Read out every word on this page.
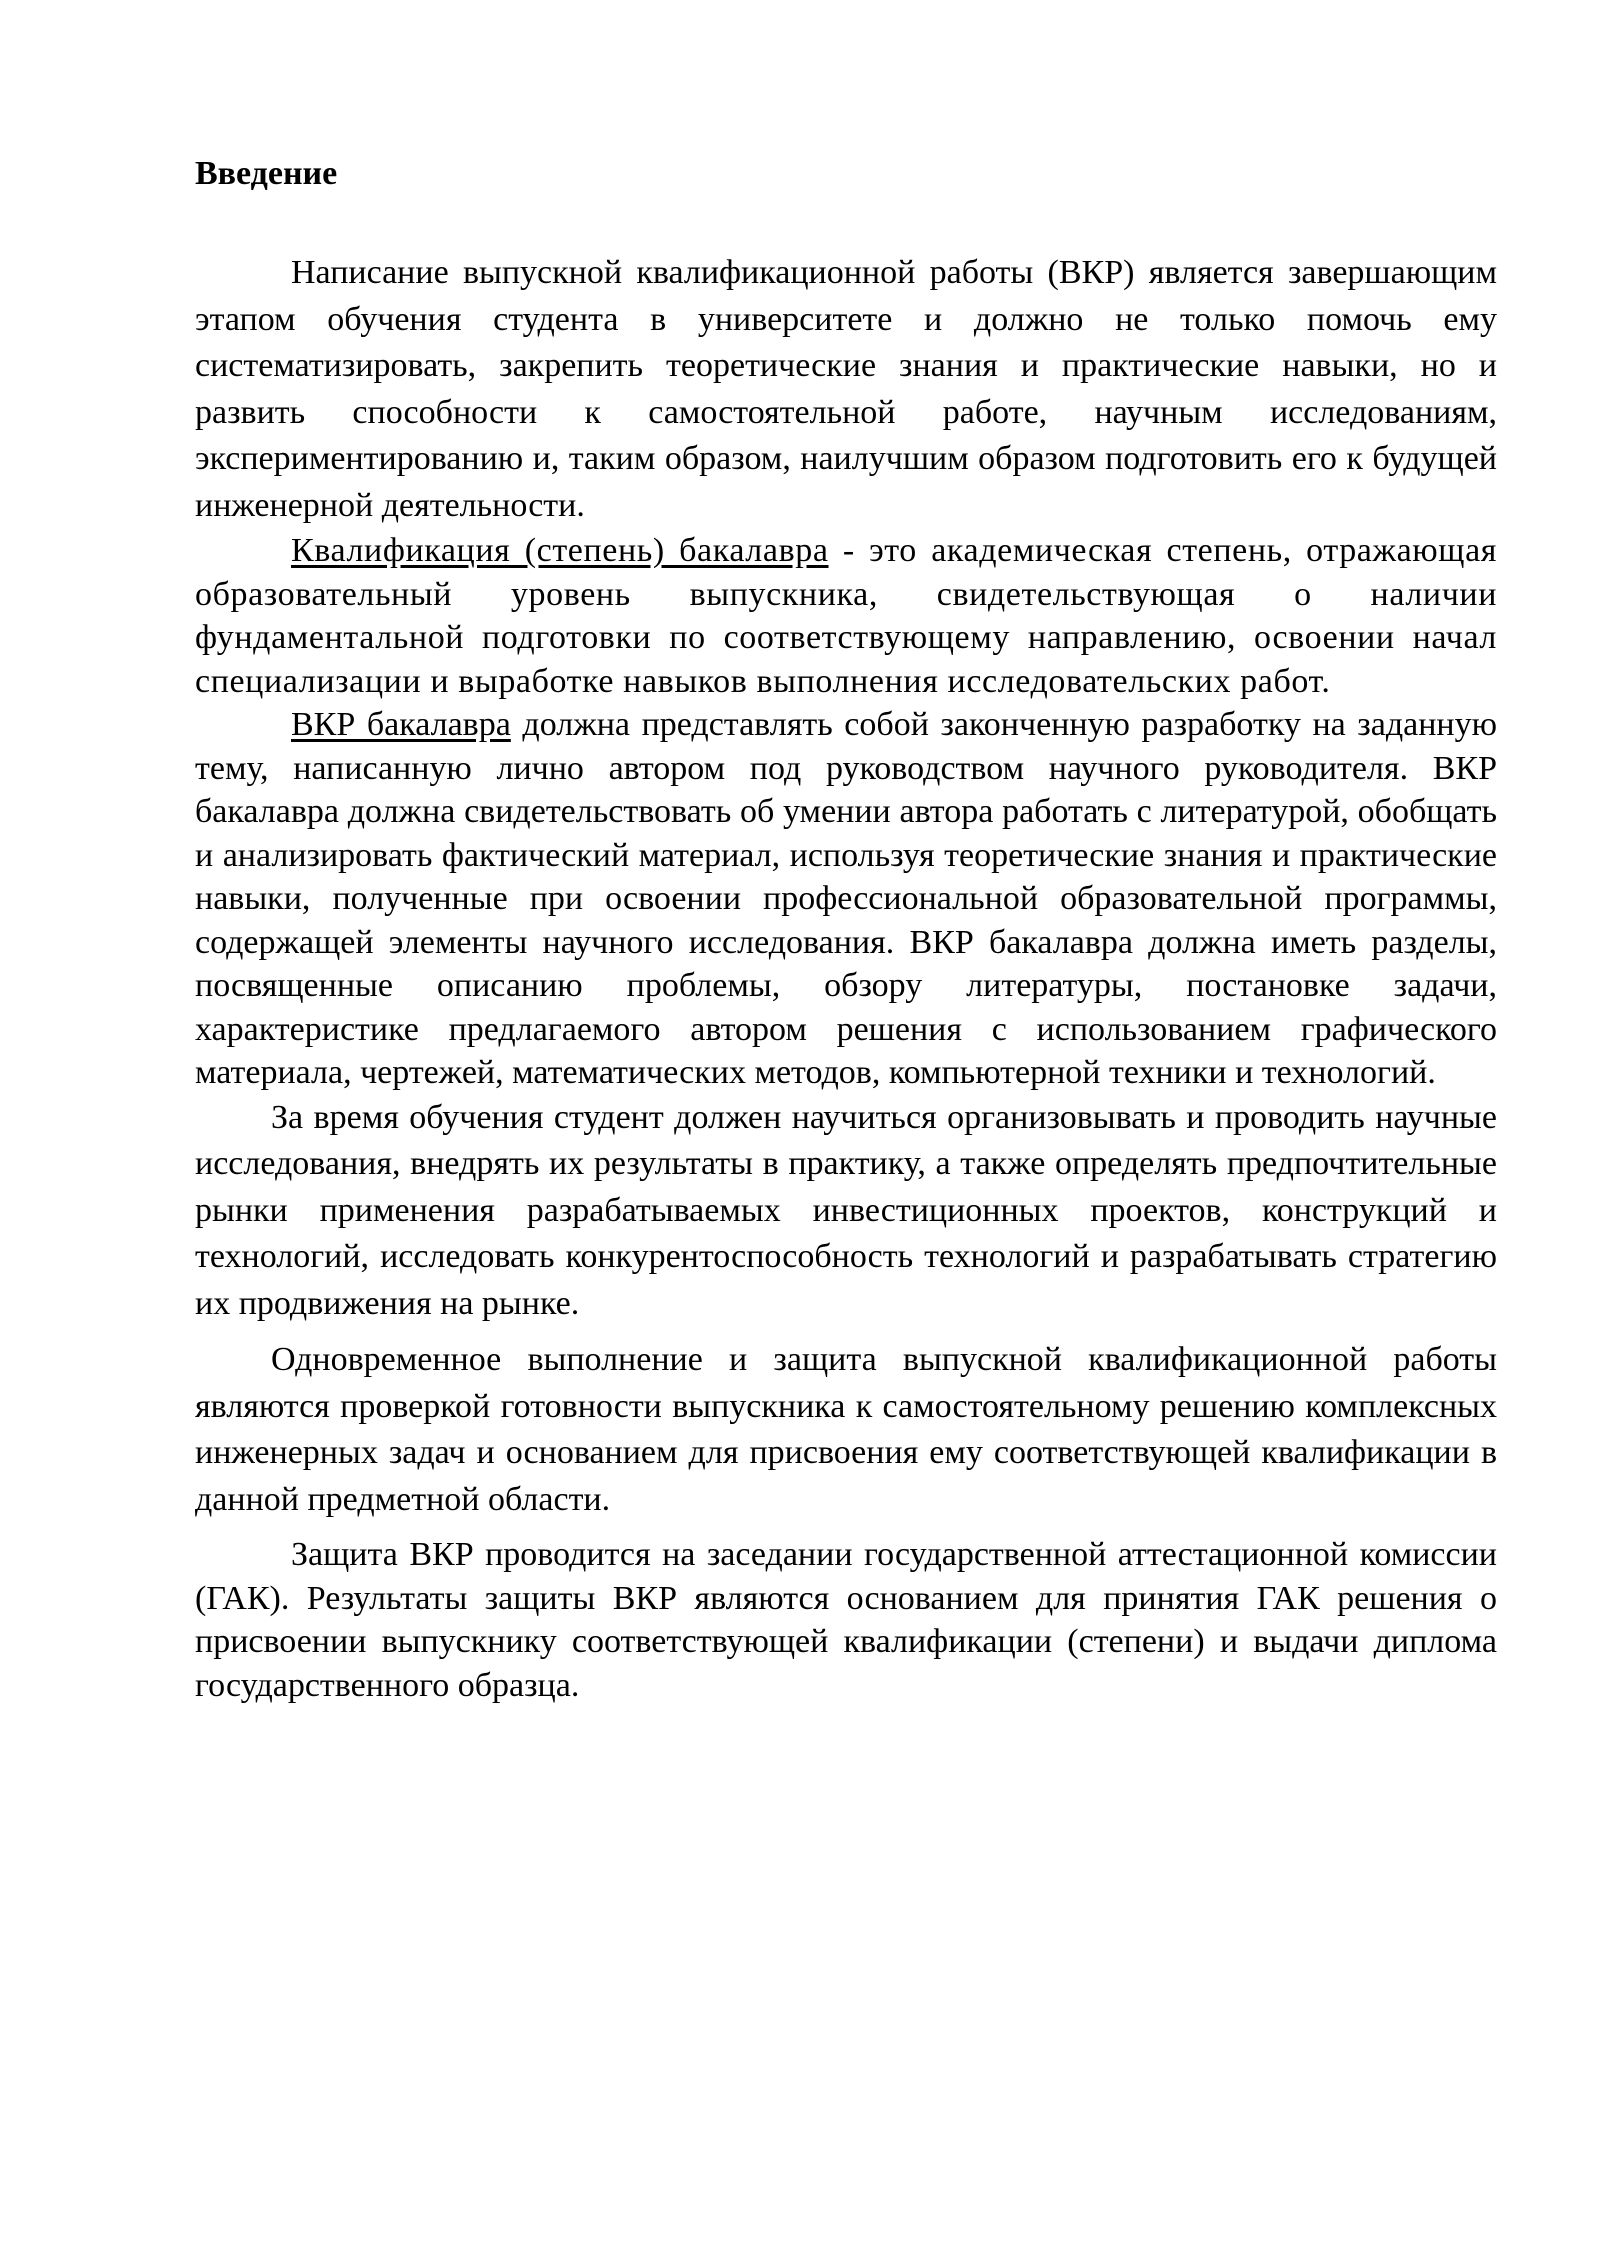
Введение

Написание выпускной квалификационной работы (ВКР) является завершающим этапом обучения студента в университете и должно не только помочь ему систематизировать, закрепить теоретические знания и практические навыки, но и развить способности к самостоятельной работе, научным исследованиям, экспериментированию и, таким образом, наилучшим образом подготовить его к будущей инженерной деятельности.

Квалификация (степень) бакалавра - это академическая степень, отражающая образовательный уровень выпускника, свидетельствующая о наличии фундаментальной подготовки по соответствующему направлению, освоении начал специализации и выработке навыков выполнения исследовательских работ.

ВКР бакалавра должна представлять собой законченную разработку на заданную тему, написанную лично автором под руководством научного руководителя. ВКР бакалавра должна свидетельствовать об умении автора работать с литературой, обобщать и анализировать фактический материал, используя теоретические знания и практические навыки, полученные при освоении профессиональной образовательной программы, содержащей элементы научного исследования. ВКР бакалавра должна иметь разделы, посвященные описанию проблемы, обзору литературы, постановке задачи, характеристике предлагаемого автором решения с использованием графического материала, чертежей, математических методов, компьютерной техники и технологий.

За время обучения студент должен научиться организовывать и проводить научные исследования, внедрять их результаты в практику, а также определять предпочтительные рынки применения разрабатываемых инвестиционных проектов, конструкций и технологий, исследовать конкурентоспособность технологий и разрабатывать стратегию их продвижения на рынке.

Одновременное выполнение и защита выпускной квалификационной работы являются проверкой готовности выпускника к самостоятельному решению комплексных инженерных задач и основанием для присвоения ему соответствующей квалификации в данной предметной области.

Защита ВКР проводится на заседании государственной аттестационной комиссии (ГАК). Результаты защиты ВКР являются основанием для принятия ГАК решения о присвоении выпускнику соответствующей квалификации (степени) и выдачи диплома государственного образца.
